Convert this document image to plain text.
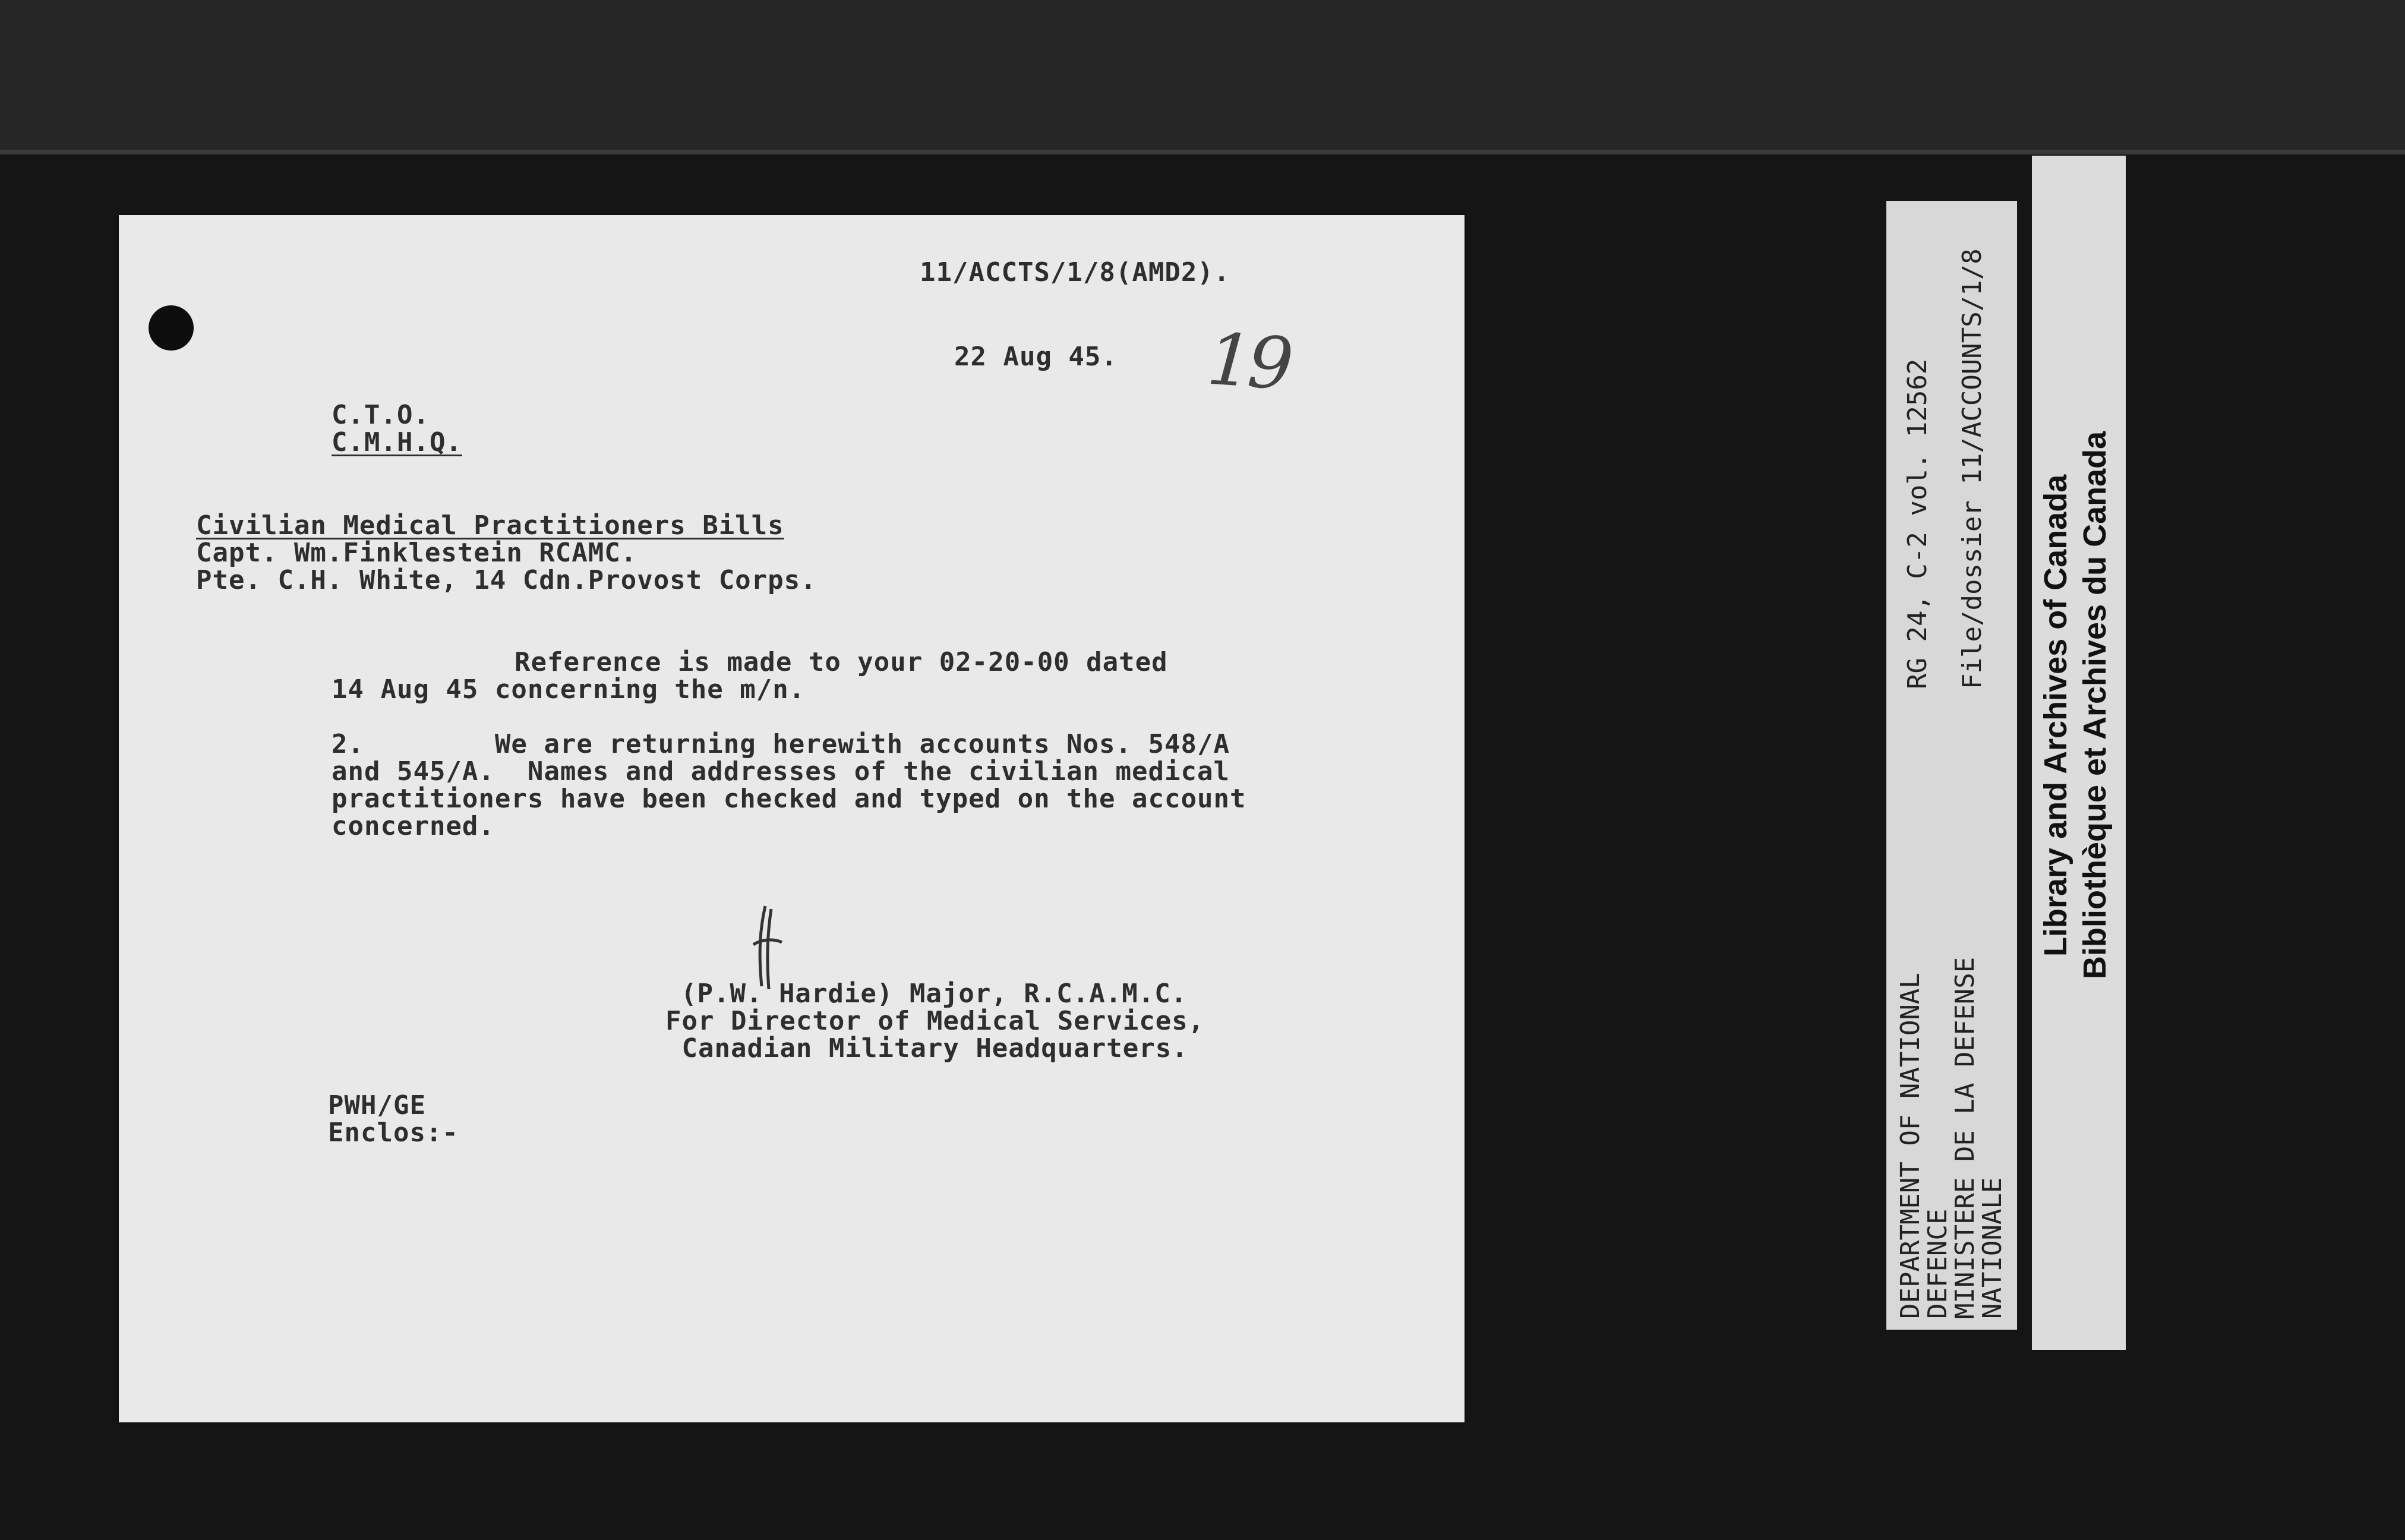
11/ACCTS/1/8(AMD2).

22 Aug 45. 19

C.T.O.

C.M.H.Q.

Civilian Medical Practitioners Bills

Capt. Wm.Finklestein RCAMC.

Pte. C.H. White, 14 Cdn.Provost Corps.

Reference is made to your 02-20-00 dated

14 Aug 45 concerning the m/n.

2.        We are returning herewith accounts Nos. 548/A

and 545/A.  Names and addresses of the civilian medical

practitioners have been checked and typed on the account

concerned.

(P.W. Hardie) Major, R.C.A.M.C.

For Director of Medical Services,

Canadian Military Headquarters.

PWH/GE

Enclos:-	DEPARTMENT OF NATIONAL
DEFENCE
MINISTERE DE LA DEFENSE
NATIONALE
RG 24, C-2 vol. 12562 File/dossier 11/ACCOUNTS/1/8
Library and Archives of Canada Bibliothèque et Archives du Canada
